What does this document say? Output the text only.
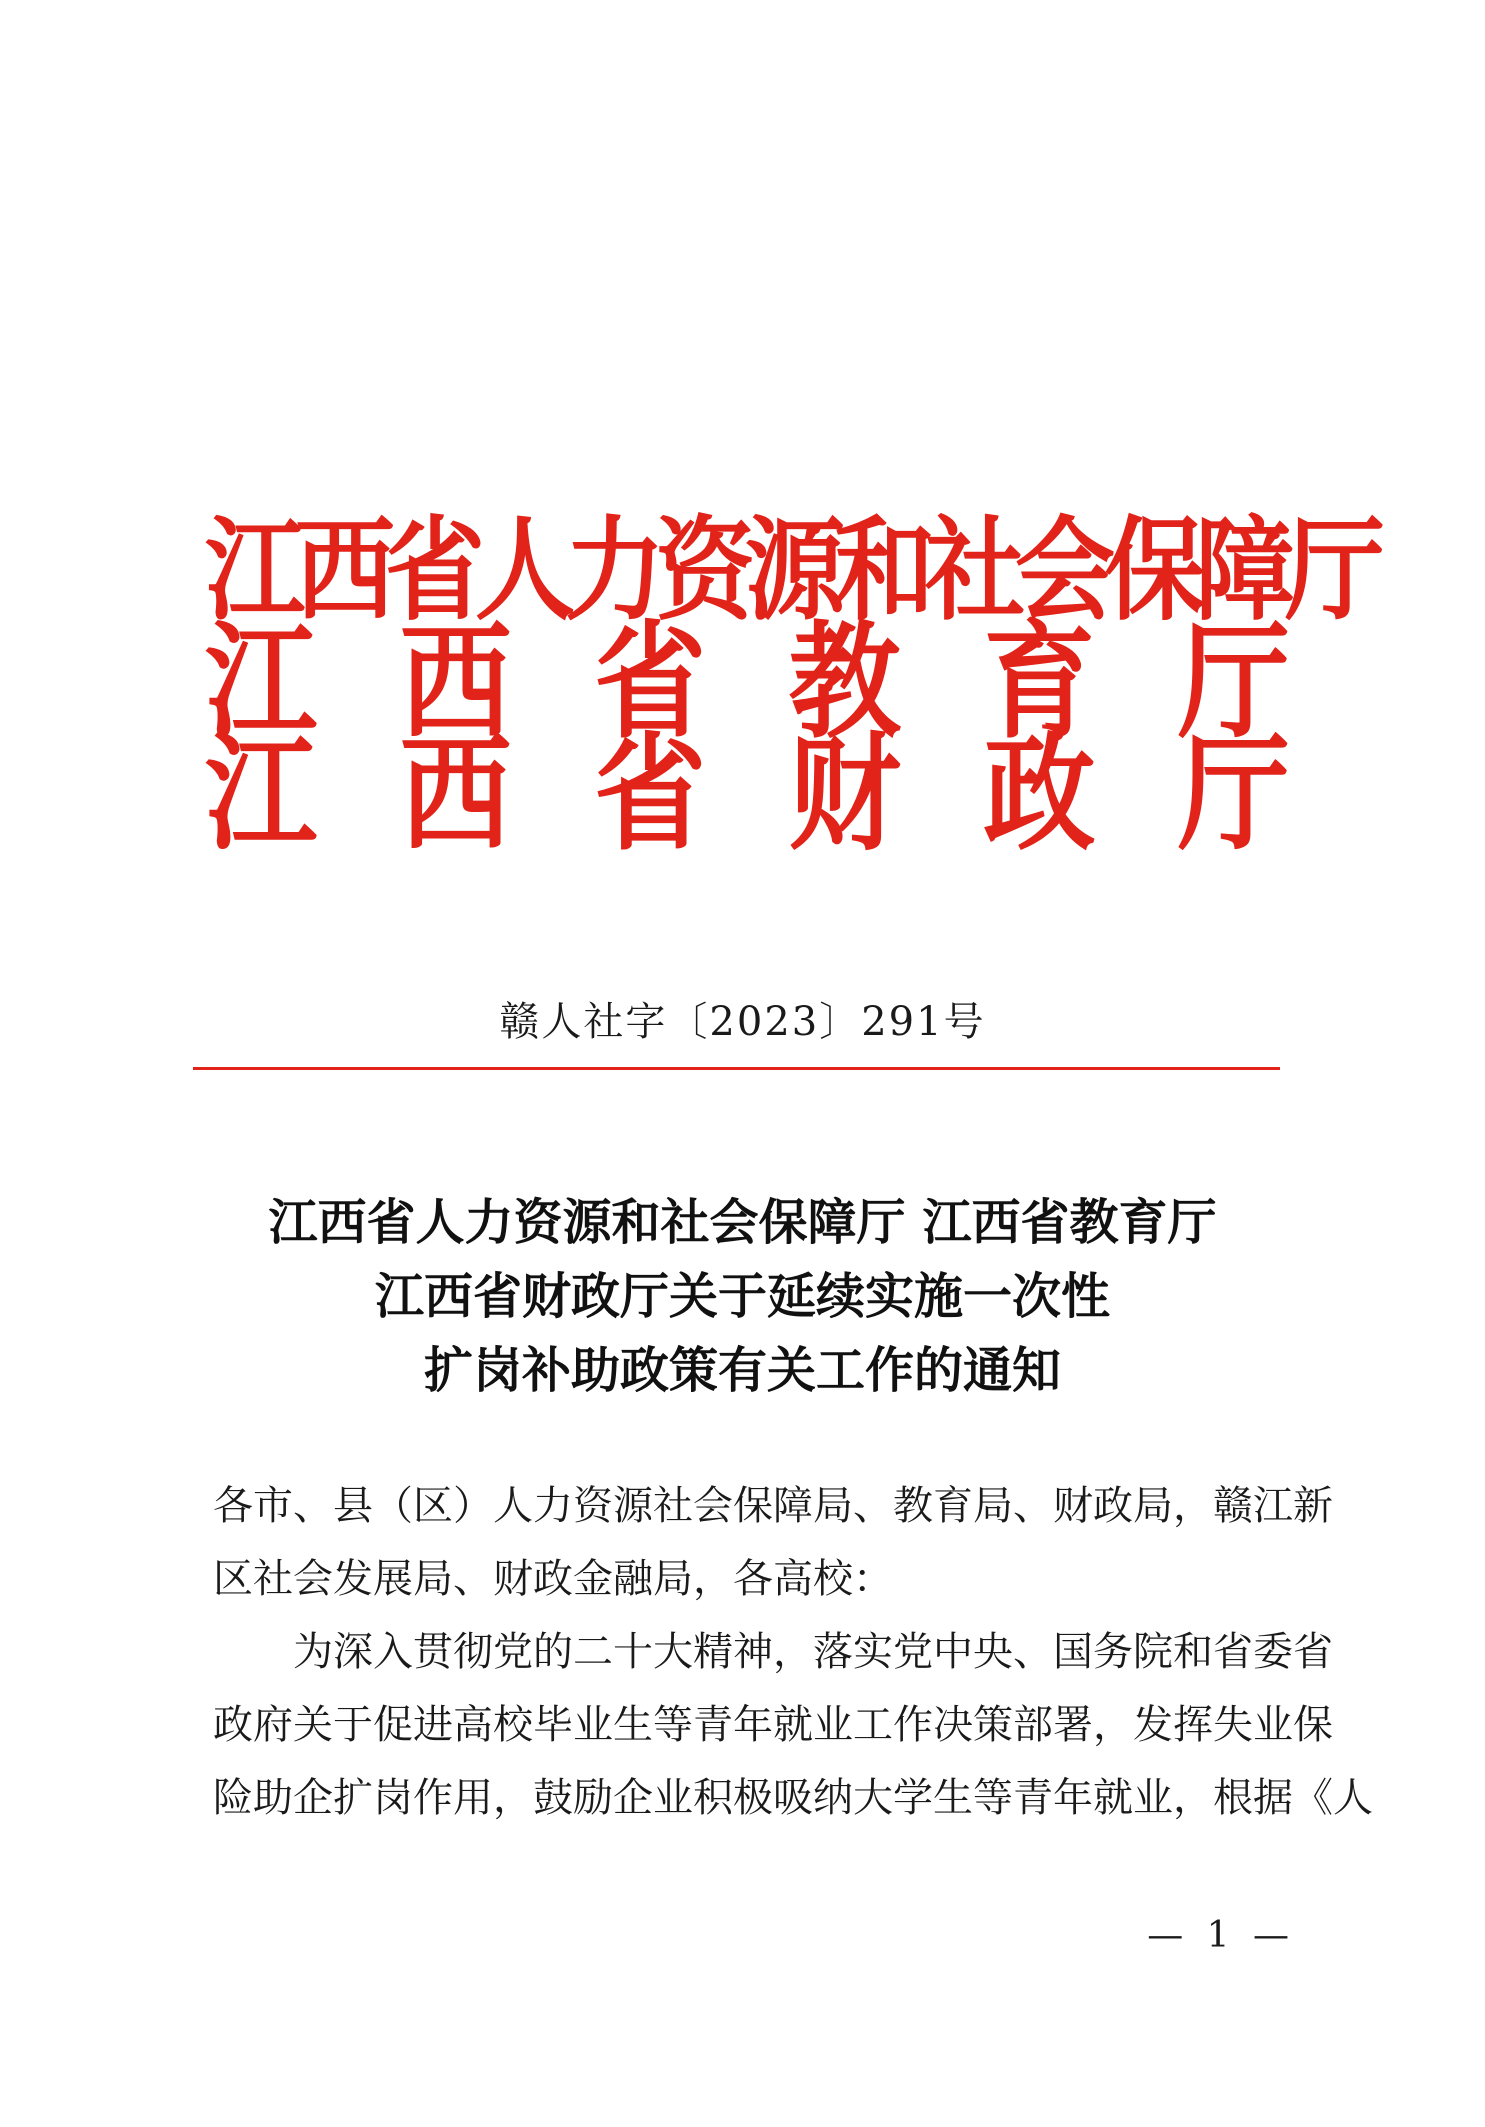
江
西
省
人
力
资
源
和
社
会
保
障
厅
江 西 省 教 育 厅
江 西 省 财 政 厅
赣人社字〔2023〕291号
江西省人力资源和社会保障厅 江西省教育厅
江西省财政厅关于延续实施一次性
扩岗补助政策有关工作的通知
各市、县（区）人力资源社会保障局、教育局、财政局，赣江新
区社会发展局、财政金融局，各高校：
为深入贯彻党的二十大精神，落实党中央、国务院和省委省
政府关于促进高校毕业生等青年就业工作决策部署，发挥失业保
险助企扩岗作用，鼓励企业积极吸纳大学生等青年就业，根据《人
— 1 —
